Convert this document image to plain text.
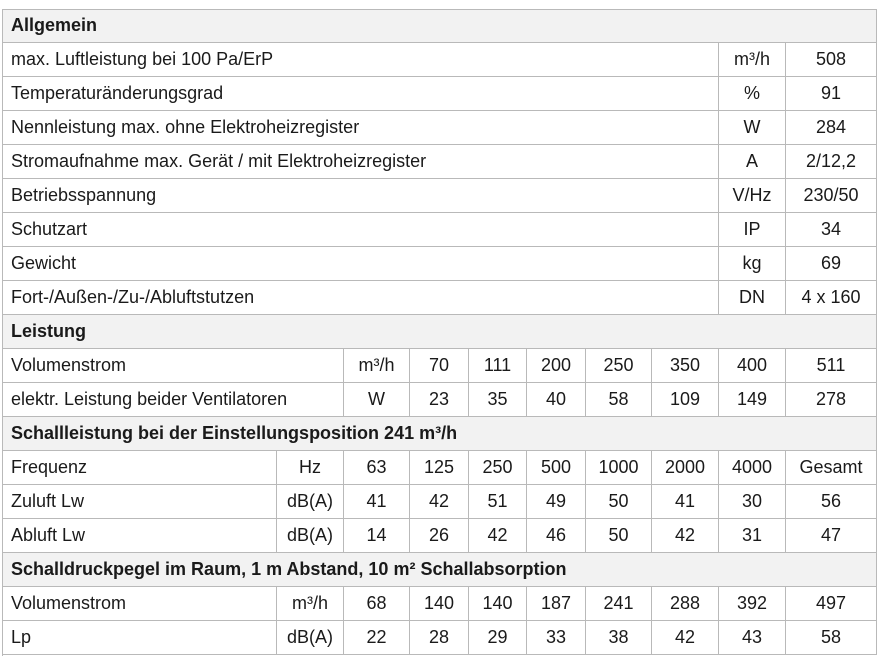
Allgemein
max. Luftleistung bei 100 Pa/ErP	m³/h	508
Temperaturänderungsgrad	%	91
Nennleistung max. ohne Elektroheizregister	W	284
Stromaufnahme max. Gerät / mit Elektroheizregister	A	2/12,2
Betriebsspannung	V/Hz	230/50
Schutzart	IP	34
Gewicht	kg	69
Fort-/Außen-/Zu-/Abluftstutzen	DN	4 x 160
Leistung
Volumenstrom	m³/h	70	111	200	250	350	400	511
elektr. Leistung beider Ventilatoren	W	23	35	40	58	109	149	278
Schallleistung bei der Einstellungsposition 241 m³/h
Frequenz	Hz	63	125	250	500	1000	2000	4000	Gesamt
Zuluft Lw	dB(A)	41	42	51	49	50	41	30	56
Abluft Lw	dB(A)	14	26	42	46	50	42	31	47
Schalldruckpegel im Raum, 1 m Abstand, 10 m² Schallabsorption
Volumenstrom	m³/h	68	140	140	187	241	288	392	497
Lp	dB(A)	22	28	29	33	38	42	43	58
